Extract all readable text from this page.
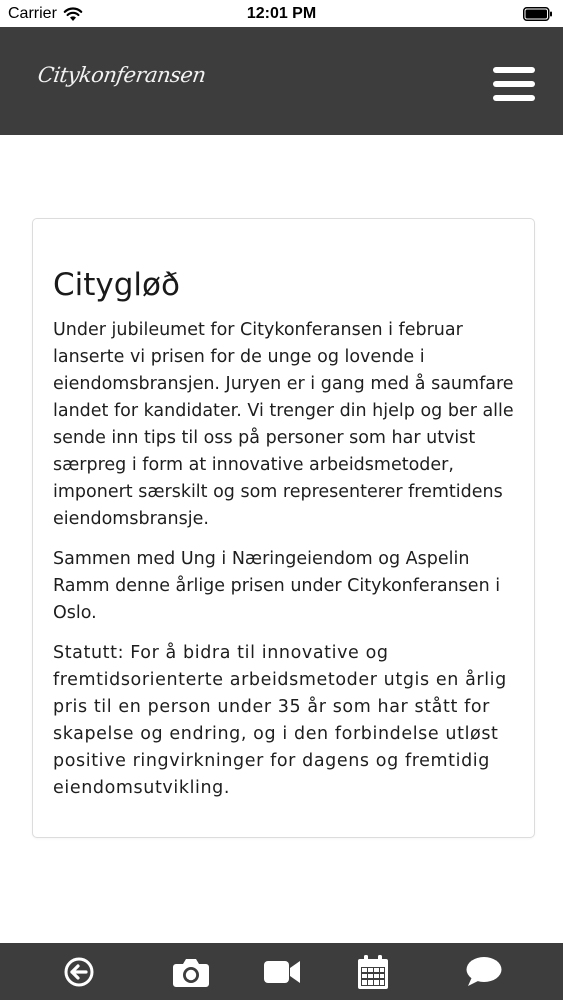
Carrier	12:01 PM
Citykonferansen
Citygløð

Under jubileumet for Citykonferansen i februar lanserte vi prisen for de unge og lovende i eiendomsbransjen. Juryen er i gang med å saumfare landet for kandidater. Vi trenger din hjelp og ber alle sende inn tips til oss på personer som har utvist særpreg i form at innovative arbeidsmetoder, imponert særskilt og som representerer fremtidens eiendomsbransje.

Sammen med Ung i Næringeiendom og Aspelin Ramm denne årlige prisen under Citykonferansen i Oslo.

Statutt: For å bidra til innovative og fremtidsorienterte arbeidsmetoder utgis en årlig pris til en person under 35 år som har stått for skapelse og endring, og i den forbindelse utløst positive ringvirkninger for dagens og fremtidig eiendomsutvikling.
